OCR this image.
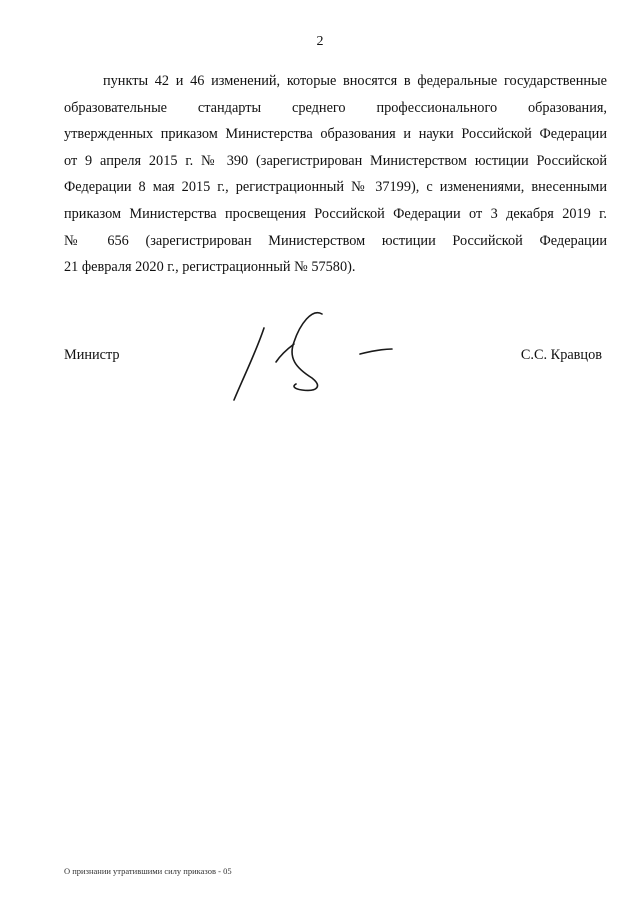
2
пункты 42 и 46 изменений, которые вносятся в федеральные государственные
образовательные стандарты среднего профессионального образования,
утвержденных приказом Министерства образования и науки Российской Федерации
от 9 апреля 2015 г. № 390 (зарегистрирован Министерством юстиции Российской
Федерации 8 мая 2015 г., регистрационный № 37199), с изменениями, внесенными
приказом Министерства просвещения Российской Федерации от 3 декабря 2019 г.
№ 656 (зарегистрирован Министерством юстиции Российской Федерации
21 февраля 2020 г., регистрационный № 57580).
Министр	С.С. Кравцов
О признании утратившими силу приказов - 05
